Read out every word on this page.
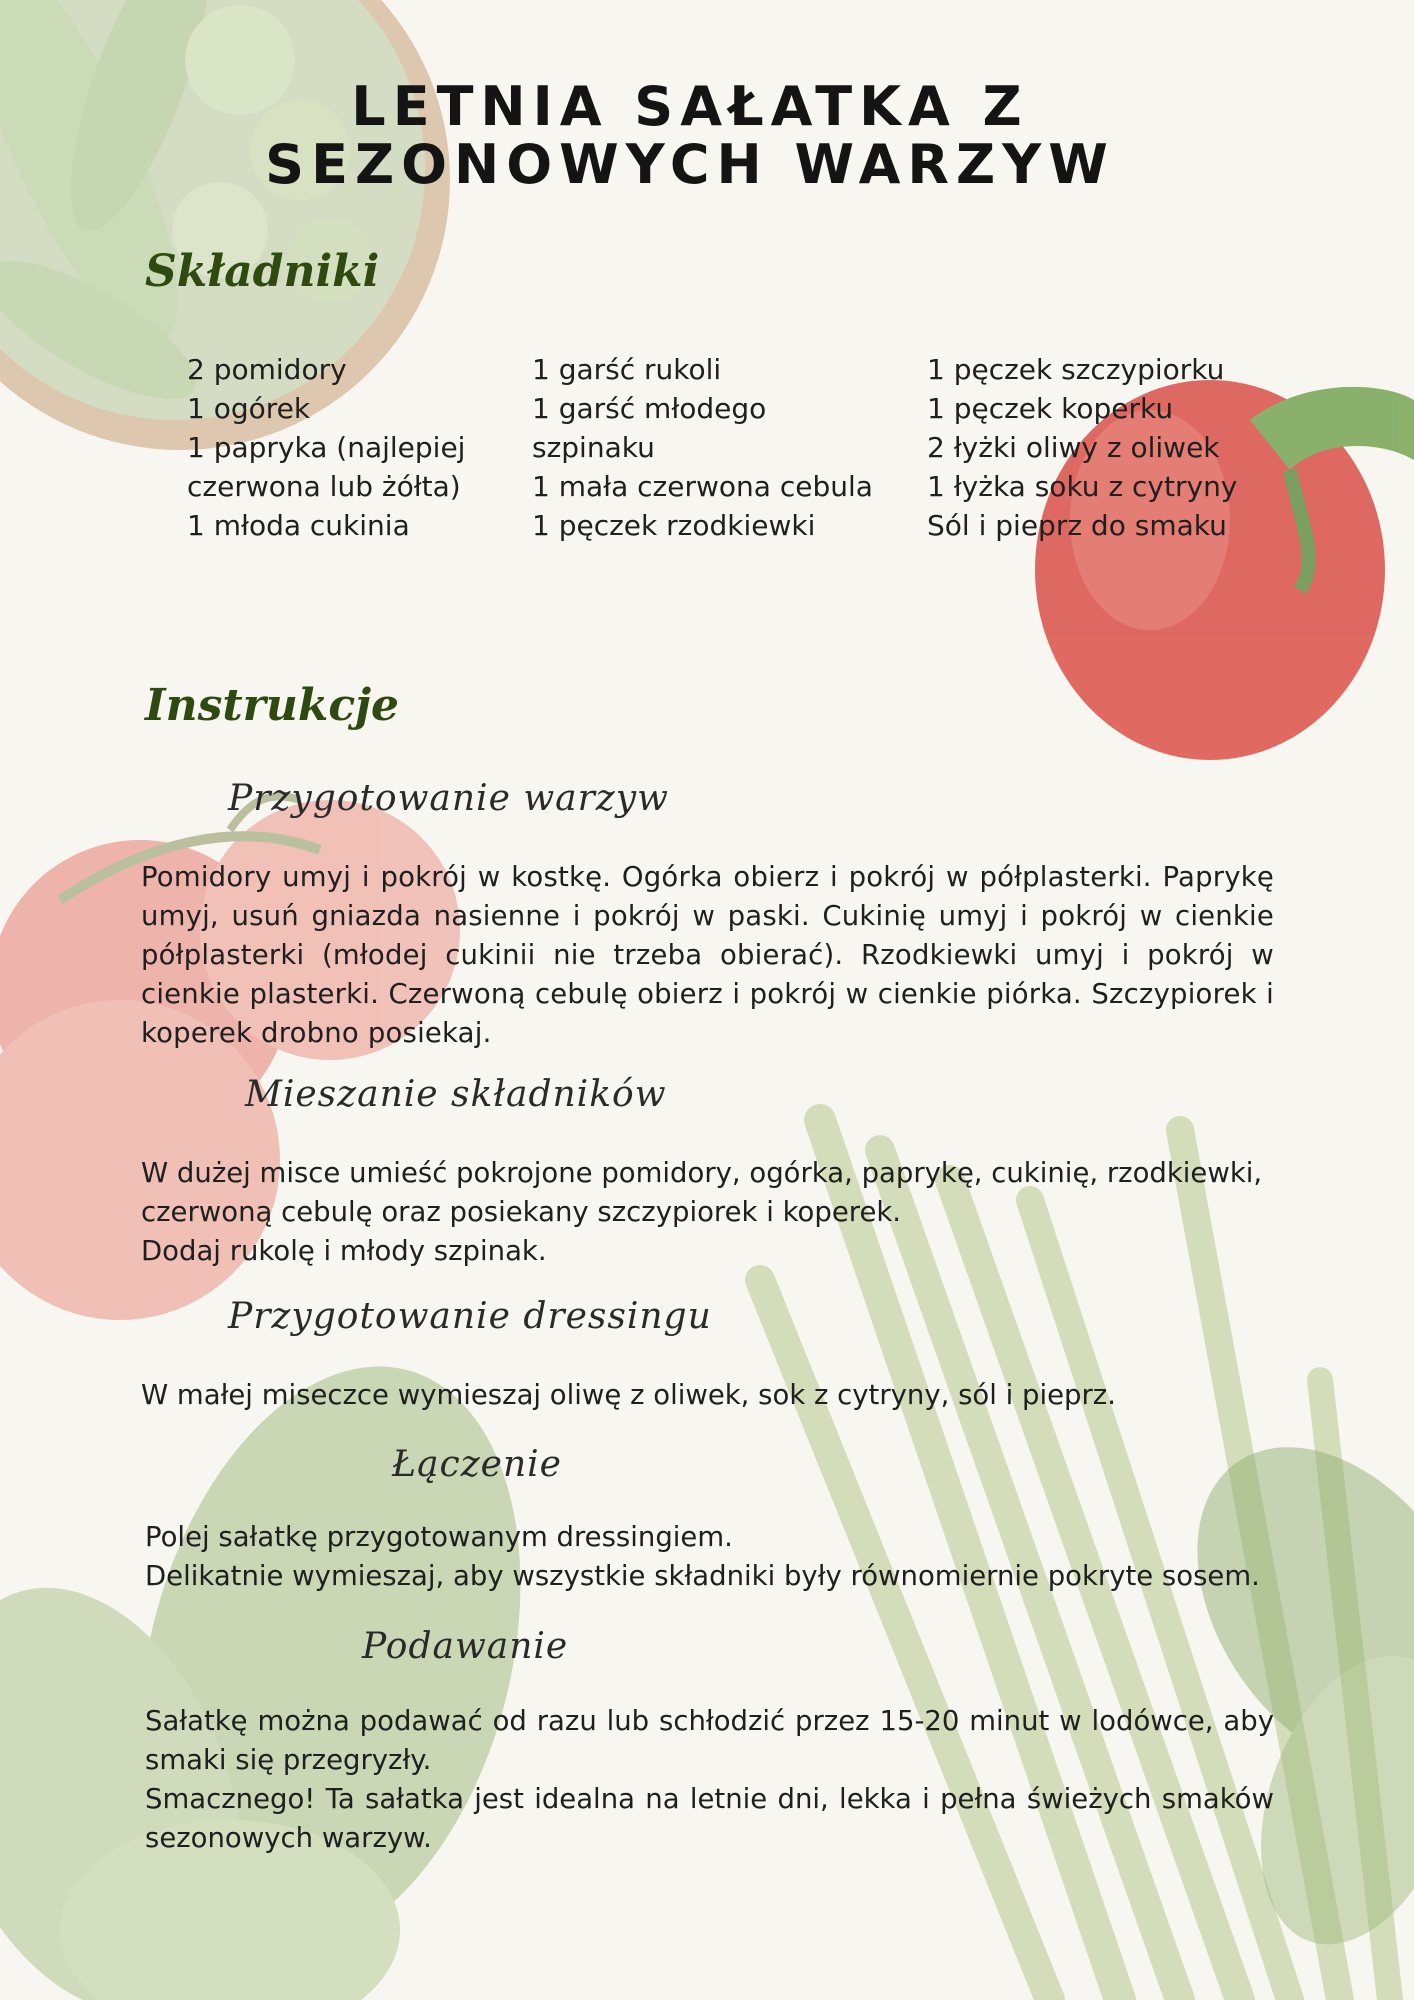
LETNIA SAŁATKA Z SEZONOWYCH WARZYW
Składniki
2 pomidory
1 ogórek
1 papryka (najlepiej czerwona lub żółta)
1 młoda cukinia
1 garść rukoli
1 garść młodego szpinaku
1 mała czerwona cebula
1 pęczek rzodkiewki
1 pęczek szczypiorku
1 pęczek koperku
2 łyżki oliwy z oliwek
1 łyżka soku z cytryny
Sól i pieprz do smaku
Instrukcje
Przygotowanie warzyw

Pomidory umyj i pokrój w kostkę. Ogórka obierz i pokrój w półplasterki. Paprykę umyj, usuń gniazda nasienne i pokrój w paski. Cukinię umyj i pokrój w cienkie półplasterki (młodej cukinii nie trzeba obierać). Rzodkiewki umyj i pokrój w cienkie plasterki. Czerwoną cebulę obierz i pokrój w cienkie piórka. Szczypiorek i koperek drobno posiekaj.

Mieszanie składników

W dużej misce umieść pokrojone pomidory, ogórka, paprykę, cukinię, rzodkiewki, czerwoną cebulę oraz posiekany szczypiorek i koperek.
Dodaj rukolę i młody szpinak.

Przygotowanie dressingu

W małej miseczce wymieszaj oliwę z oliwek, sok z cytryny, sól i pieprz.

Łączenie

Polej sałatkę przygotowanym dressingiem.
Delikatnie wymieszaj, aby wszystkie składniki były równomiernie pokryte sosem.

Podawanie

Sałatkę można podawać od razu lub schłodzić przez 15-20 minut w lodówce, aby smaki się przegryzły.
Smacznego! Ta sałatka jest idealna na letnie dni, lekka i pełna świeżych smaków sezonowych warzyw.
